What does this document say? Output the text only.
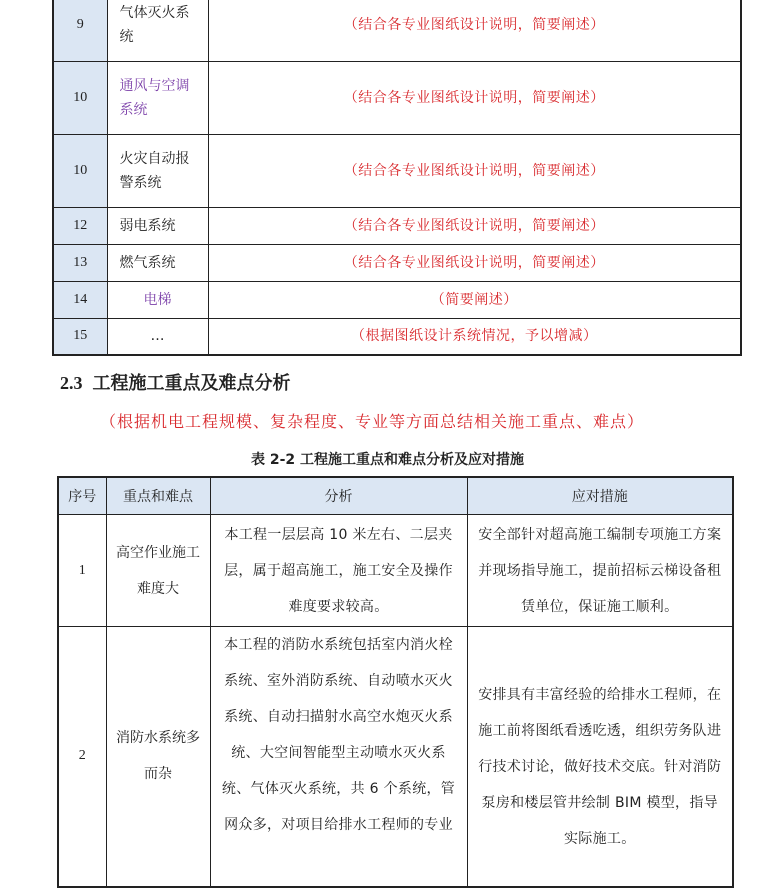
9	气体灭火系统	（结合各专业图纸设计说明，简要阐述）
10	通风与空调系统	（结合各专业图纸设计说明，简要阐述）
10	火灾自动报警系统	（结合各专业图纸设计说明，简要阐述）
12	弱电系统	（结合各专业图纸设计说明，简要阐述）
13	燃气系统	（结合各专业图纸设计说明，简要阐述）
14	电梯	（简要阐述）
15	…	（根据图纸设计系统情况，予以增减）
2.3 工程施工重点及难点分析
（根据机电工程规模、复杂程度、专业等方面总结相关施工重点、难点）
表 2-2 工程施工重点和难点分析及应对措施
序号	重点和难点	分析	应对措施
1	高空作业施工难度大	本工程一层层高 10 米左右、二层夹层，属于超高施工，施工安全及操作难度要求较高。	安全部针对超高施工编制专项施工方案并现场指导施工，提前招标云梯设备租赁单位，保证施工顺利。
2	消防水系统多而杂	本工程的消防水系统包括室内消火栓系统、室外消防系统、自动喷水灭火系统、自动扫描射水高空水炮灭火系统、大空间智能型主动喷水灭火系统、气体灭火系统，共 6 个系统，管网众多，对项目给排水工程师的专业	安排具有丰富经验的给排水工程师，在施工前将图纸看透吃透，组织劳务队进行技术讨论，做好技术交底。针对消防泵房和楼层管井绘制 BIM 模型，指导实际施工。
